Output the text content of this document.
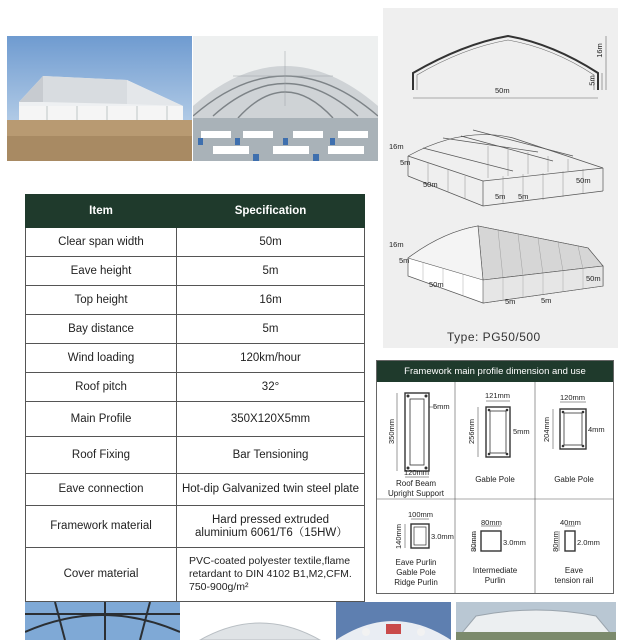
Item	Specification
Clear span width	50m
Eave height	5m
Top height	16m
Bay distance	5m
Wind loading	120km/hour
Roof pitch	32°
Main Profile	350X120X5mm
Roof Fixing	Bar Tensioning
Eave connection	Hot-dip Galvanized twin steel plate
Framework material	Hard pressed extruded aluminium 6061/T6（15HW）
Cover material	PVC-coated polyester textile,flame retardant to DIN 4102 B1,M2,CFM. 750-900g/m²
16m
5m
50m
16m
5m
50m
5m 5m
50m
16m
5m
50m
5m	5m
50m
Type: PG50/500
Framework main profile dimension and use
350mm
5mm
120mm
Roof Beam
Upright Support
121mm
256mm	5mm
Gable Pole
120mm
204mm	4mm
Gable Pole
100mm
140mm	3.0mm
Eave Purlin
Gable Pole
Ridge Purlin
80mm
80mm	3.0mm
Intermediate
Purlin
40mm
80mm 2.0mm
Eave
tension rail
